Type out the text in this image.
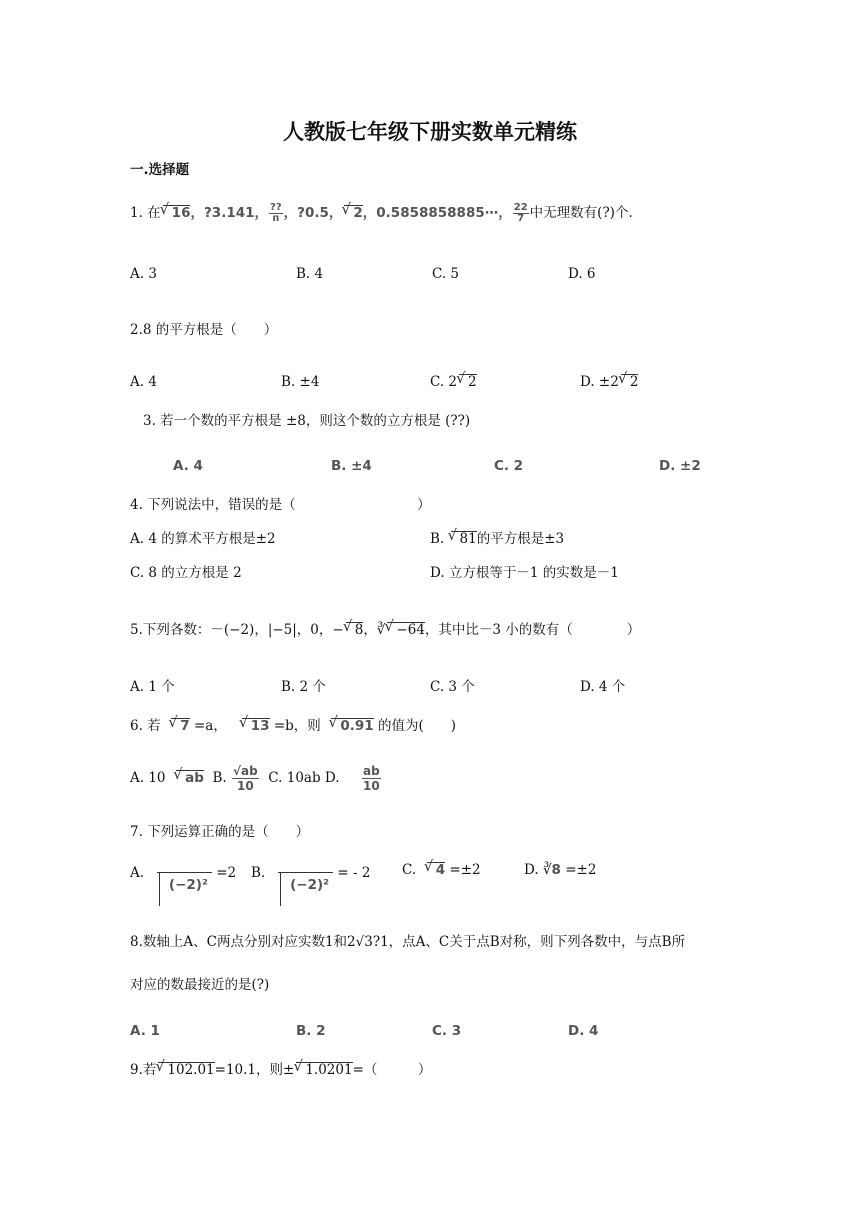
人教版七年级下册实数单元精练
一.选择题
1. 在 √ 16，?3.141， $\frac{??}{\text{ᴨ}}$ ，?0.5， √ 2，0.5858858885⋯， $\frac{22}{7}$ 中无理数有(?)个.
A. 3	B. 4	C. 5	D. 6
2.8 的平方根是（　　）
A. 4	B. ±4	C. 2 √ 2	D. ±2 √ 2
3. 若一个数的平方根是 ±8，则这个数的立方根是 (??)
A. 4	B. ±4	C. 2	D. ±2
4. 下列说法中，错误的是（　　　　　　　　　）
A. 4 的算术平方根是±2	B. √ 81的平方根是±3
C. 8 的立方根是 2	D. 立方根等于－1 的实数是－1
5.下列各数：－(−2)，|−5|，0，− √ 8，∛ √ −64，其中比－3 小的数有（　　　　）
A. 1 个	B. 2 个	C. 3 个	D. 4 个
6. 若 √ 7 =a， √ 13 =b，则 √ 0.91 的值为(　　)
A. 10 √ ab B. $\frac{√ab}{10} C$. 10ab D. $\frac{ab}{10}$
7. 下列运算正确的是（　　）
A.   (−2)² =2 B.   (−2)² = - 2 C. √ 4 =±2	D. ∛8 =±2
8.数轴上A、C两点分别对应实数1和2√3?1，点A、C关于点B对称，则下列各数中，与点B所
对应的数最接近的是(?)
A. 1	B. 2	C. 3	D. 4
9.若 √ 102.01=10.1，则± √ 1.0201=（　　　）
